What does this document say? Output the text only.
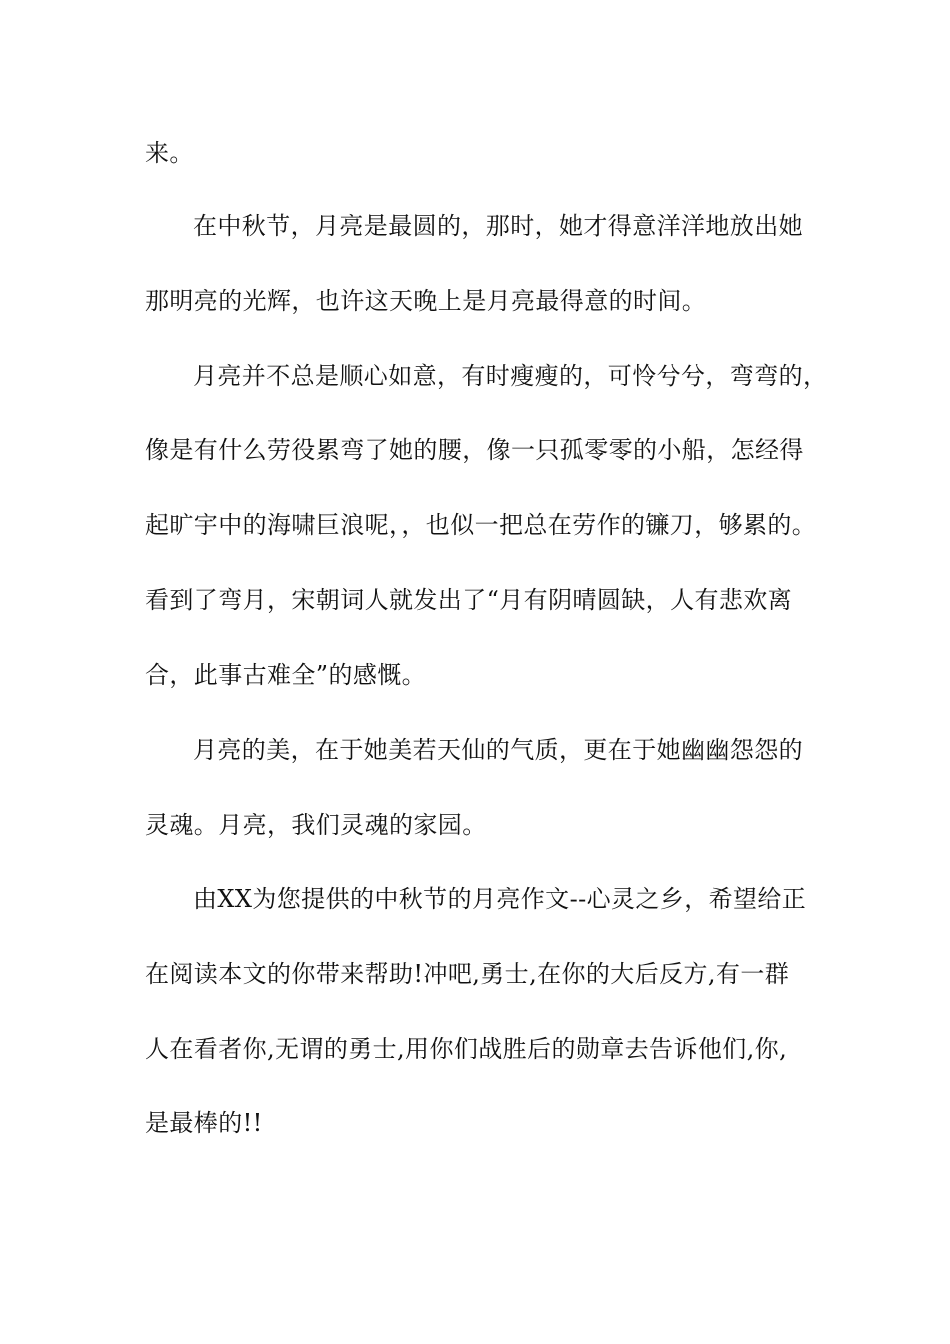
来。
在中秋节，月亮是最圆的，那时，她才得意洋洋地放出她
那明亮的光辉，也许这天晚上是月亮最得意的时间。
月亮并不总是顺心如意，有时瘦瘦的，可怜兮兮，弯弯的，
像是有什么劳役累弯了她的腰，像一只孤零零的小船，怎经得
起旷宇中的海啸巨浪呢，，也似一把总在劳作的镰刀，够累的。
看到了弯月，宋朝词人就发出了“月有阴晴圆缺，人有悲欢离
合，此事古难全”的感慨。
月亮的美，在于她美若天仙的气质，更在于她幽幽怨怨的
灵魂。月亮，我们灵魂的家园。
由XX为您提供的中秋节的月亮作文--心灵之乡，希望给正
在阅读本文的你带来帮助!冲吧,勇士,在你的大后反方,有一群
人在看者你,无谓的勇士,用你们战胜后的勋章去告诉他们,你,
是最棒的!!
